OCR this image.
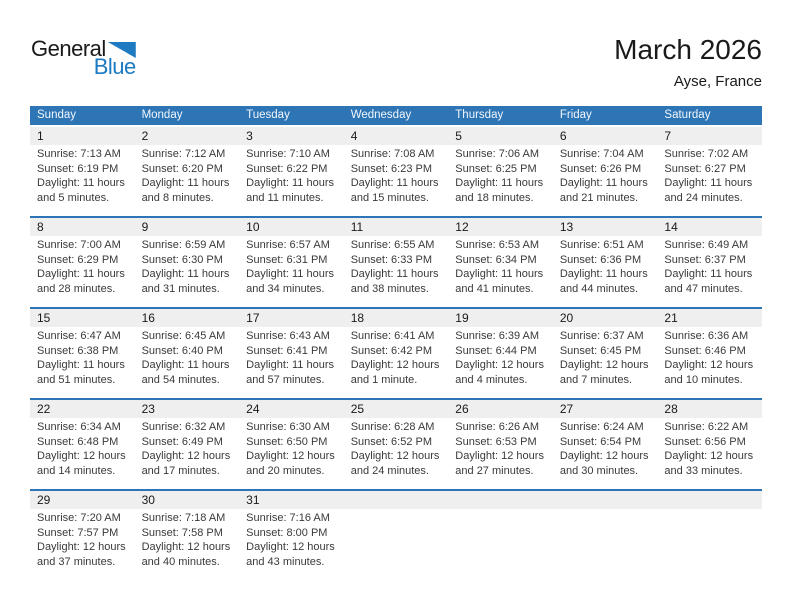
General
Blue
March 2026
Ayse, France
Sunday	Monday	Tuesday	Wednesday	Thursday	Friday	Saturday
1	2	3	4	5	6	7
Sunrise: 7:13 AM
Sunset: 6:19 PM
Daylight: 11 hours
and 5 minutes.
Sunrise: 7:12 AM
Sunset: 6:20 PM
Daylight: 11 hours
and 8 minutes.
Sunrise: 7:10 AM
Sunset: 6:22 PM
Daylight: 11 hours
and 11 minutes.
Sunrise: 7:08 AM
Sunset: 6:23 PM
Daylight: 11 hours
and 15 minutes.
Sunrise: 7:06 AM
Sunset: 6:25 PM
Daylight: 11 hours
and 18 minutes.
Sunrise: 7:04 AM
Sunset: 6:26 PM
Daylight: 11 hours
and 21 minutes.
Sunrise: 7:02 AM
Sunset: 6:27 PM
Daylight: 11 hours
and 24 minutes.
8	9	10	11	12	13	14
Sunrise: 7:00 AM
Sunset: 6:29 PM
Daylight: 11 hours
and 28 minutes.
Sunrise: 6:59 AM
Sunset: 6:30 PM
Daylight: 11 hours
and 31 minutes.
Sunrise: 6:57 AM
Sunset: 6:31 PM
Daylight: 11 hours
and 34 minutes.
Sunrise: 6:55 AM
Sunset: 6:33 PM
Daylight: 11 hours
and 38 minutes.
Sunrise: 6:53 AM
Sunset: 6:34 PM
Daylight: 11 hours
and 41 minutes.
Sunrise: 6:51 AM
Sunset: 6:36 PM
Daylight: 11 hours
and 44 minutes.
Sunrise: 6:49 AM
Sunset: 6:37 PM
Daylight: 11 hours
and 47 minutes.
15	16	17	18	19	20	21
Sunrise: 6:47 AM
Sunset: 6:38 PM
Daylight: 11 hours
and 51 minutes.
Sunrise: 6:45 AM
Sunset: 6:40 PM
Daylight: 11 hours
and 54 minutes.
Sunrise: 6:43 AM
Sunset: 6:41 PM
Daylight: 11 hours
and 57 minutes.
Sunrise: 6:41 AM
Sunset: 6:42 PM
Daylight: 12 hours
and 1 minute.
Sunrise: 6:39 AM
Sunset: 6:44 PM
Daylight: 12 hours
and 4 minutes.
Sunrise: 6:37 AM
Sunset: 6:45 PM
Daylight: 12 hours
and 7 minutes.
Sunrise: 6:36 AM
Sunset: 6:46 PM
Daylight: 12 hours
and 10 minutes.
22	23	24	25	26	27	28
Sunrise: 6:34 AM
Sunset: 6:48 PM
Daylight: 12 hours
and 14 minutes.
Sunrise: 6:32 AM
Sunset: 6:49 PM
Daylight: 12 hours
and 17 minutes.
Sunrise: 6:30 AM
Sunset: 6:50 PM
Daylight: 12 hours
and 20 minutes.
Sunrise: 6:28 AM
Sunset: 6:52 PM
Daylight: 12 hours
and 24 minutes.
Sunrise: 6:26 AM
Sunset: 6:53 PM
Daylight: 12 hours
and 27 minutes.
Sunrise: 6:24 AM
Sunset: 6:54 PM
Daylight: 12 hours
and 30 minutes.
Sunrise: 6:22 AM
Sunset: 6:56 PM
Daylight: 12 hours
and 33 minutes.
29	30	31
Sunrise: 7:20 AM
Sunset: 7:57 PM
Daylight: 12 hours
and 37 minutes.
Sunrise: 7:18 AM
Sunset: 7:58 PM
Daylight: 12 hours
and 40 minutes.
Sunrise: 7:16 AM
Sunset: 8:00 PM
Daylight: 12 hours
and 43 minutes.
